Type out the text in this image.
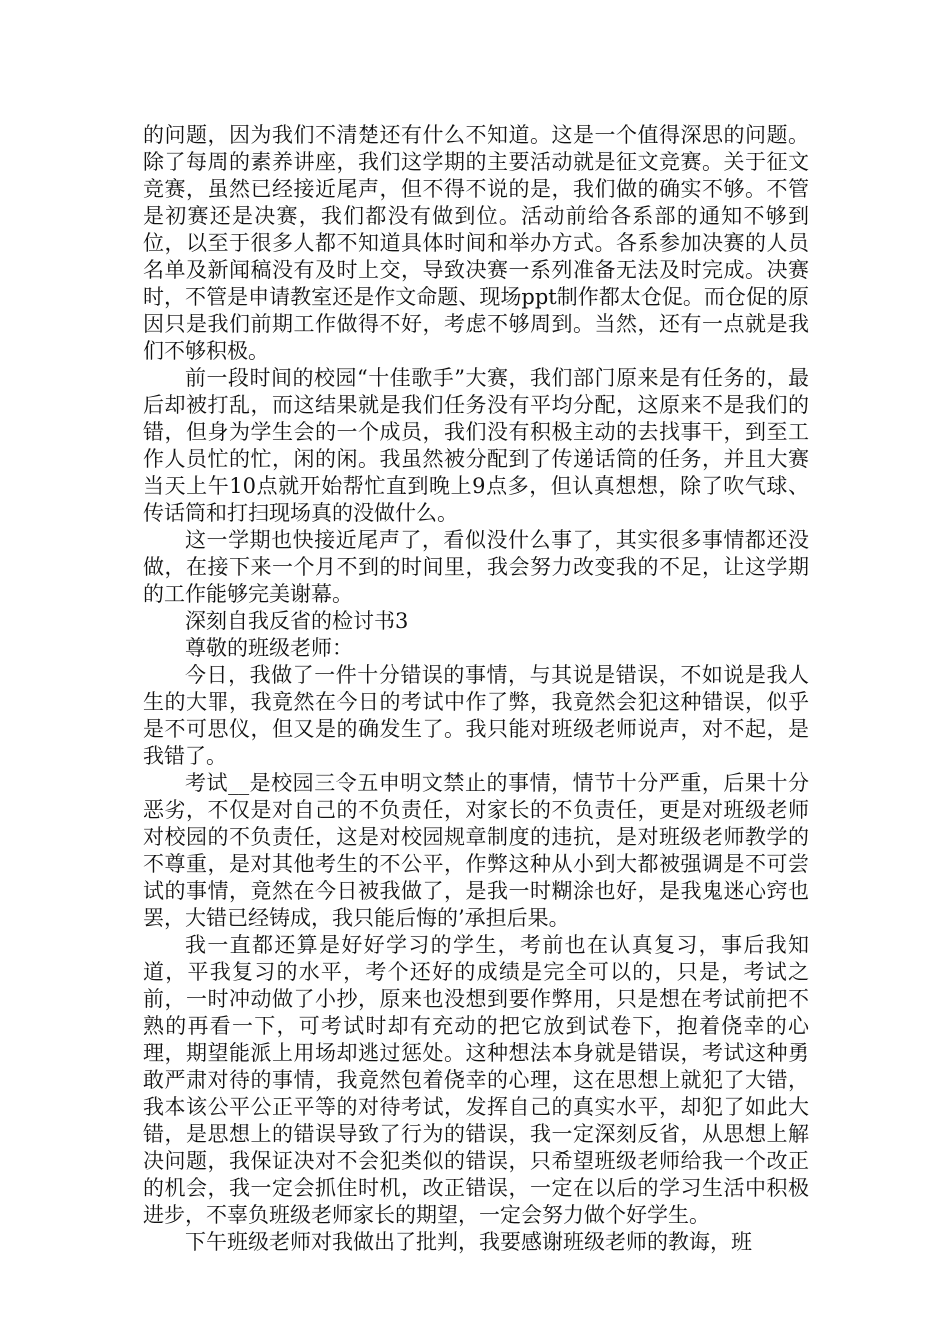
的问题，因为我们不清楚还有什么不知道。这是一个值得深思的问题。除了每周的素养讲座，我们这学期的主要活动就是征文竞赛。关于征文竞赛，虽然已经接近尾声，但不得不说的是，我们做的确实不够。不管是初赛还是决赛，我们都没有做到位。活动前给各系部的通知不够到位，以至于很多人都不知道具体时间和举办方式。各系参加决赛的人员名单及新闻稿没有及时上交，导致决赛一系列准备无法及时完成。决赛时，不管是申请教室还是作文命题、现场ppt制作都太仓促。而仓促的原因只是我们前期工作做得不好，考虑不够周到。当然，还有一点就是我们不够积极。

前一段时间的校园“十佳歌手”大赛，我们部门原来是有任务的，最后却被打乱，而这结果就是我们任务没有平均分配，这原来不是我们的错，但身为学生会的一个成员，我们没有积极主动的去找事干，到至工作人员忙的忙，闲的闲。我虽然被分配到了传递话筒的任务，并且大赛当天上午10点就开始帮忙直到晚上9点多，但认真想想，除了吹气球、传话筒和打扫现场真的没做什么。

这一学期也快接近尾声了，看似没什么事了，其实很多事情都还没做，在接下来一个月不到的时间里，我会努力改变我的不足，让这学期的工作能够完美谢幕。

深刻自我反省的检讨书3

尊敬的班级老师：

今日，我做了一件十分错误的事情，与其说是错误，不如说是我人生的大罪，我竟然在今日的考试中作了弊，我竟然会犯这种错误，似乎是不可思仪，但又是的确发生了。我只能对班级老师说声，对不起，是我错了。

考试__是校园三令五申明文禁止的事情，情节十分严重，后果十分恶劣，不仅是对自己的不负责任，对家长的不负责任，更是对班级老师对校园的不负责任，这是对校园规章制度的违抗，是对班级老师教学的不尊重，是对其他考生的不公平，作弊这种从小到大都被强调是不可尝试的事情，竟然在今日被我做了，是我一时糊涂也好，是我鬼迷心窍也罢，大错已经铸成，我只能后悔的’承担后果。

我一直都还算是好好学习的学生，考前也在认真复习，事后我知道，平我复习的水平，考个还好的成绩是完全可以的，只是，考试之前，一时冲动做了小抄，原来也没想到要作弊用，只是想在考试前把不熟的再看一下，可考试时却有充动的把它放到试卷下，抱着侥幸的心理，期望能派上用场却逃过惩处。这种想法本身就是错误，考试这种勇敢严肃对待的事情，我竟然包着侥幸的心理，这在思想上就犯了大错，我本该公平公正平等的对待考试，发挥自己的真实水平，却犯了如此大错，是思想上的错误导致了行为的错误，我一定深刻反省，从思想上解决问题，我保证决对不会犯类似的错误，只希望班级老师给我一个改正的机会，我一定会抓住时机，改正错误，一定在以后的学习生活中积极进步，不辜负班级老师家长的期望，一定会努力做个好学生。

下午班级老师对我做出了批判，我要感谢班级老师的教诲，班
